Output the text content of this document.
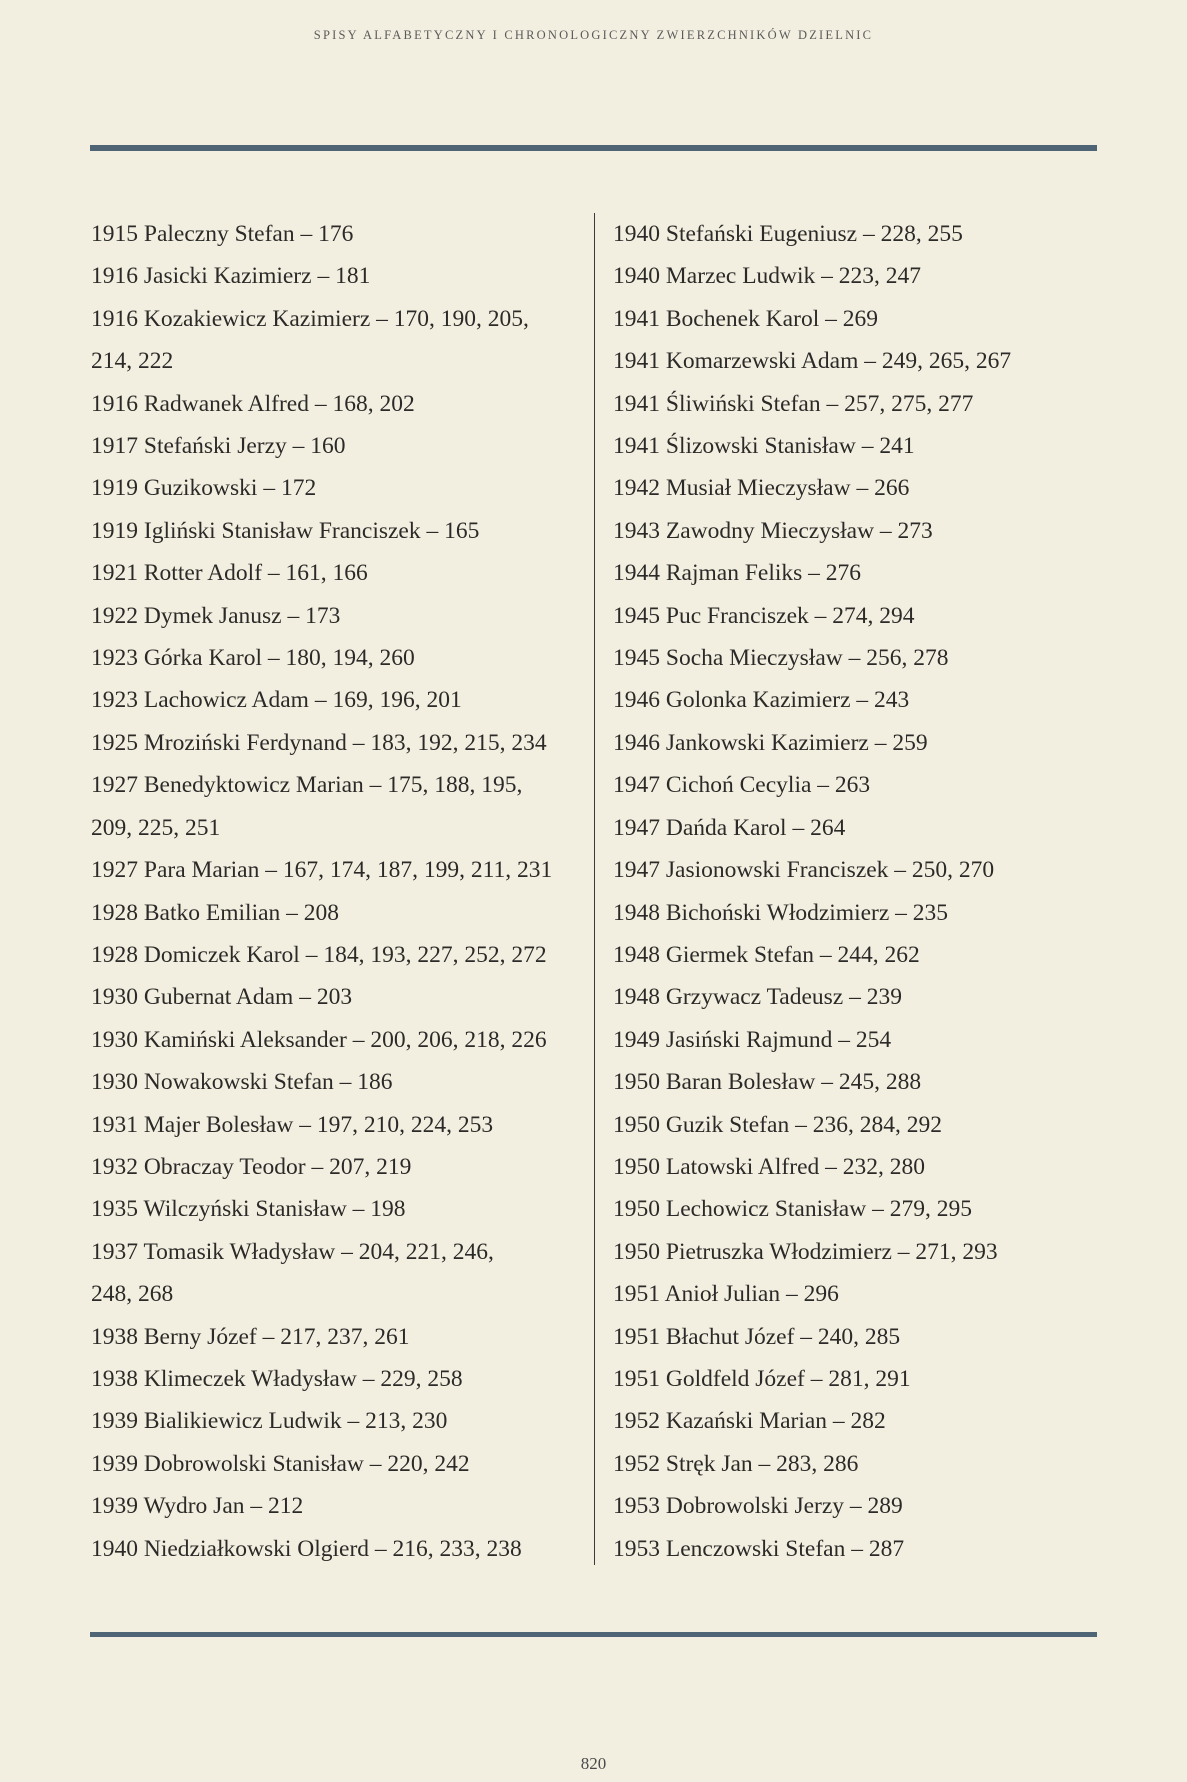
SPISY ALFABETYCZNY I CHRONOLOGICZNY ZWIERZCHNIKÓW DZIELNIC
1915 Paleczny Stefan – 176
1916 Jasicki Kazimierz – 181
1916 Kozakiewicz Kazimierz – 170, 190, 205,
214, 222
1916 Radwanek Alfred – 168, 202
1917 Stefański Jerzy – 160
1919 Guzikowski – 172
1919 Igliński Stanisław Franciszek – 165
1921 Rotter Adolf – 161, 166
1922 Dymek Janusz – 173
1923 Górka Karol – 180, 194, 260
1923 Lachowicz Adam – 169, 196, 201
1925 Mroziński Ferdynand – 183, 192, 215, 234
1927 Benedyktowicz Marian – 175, 188, 195,
209, 225, 251
1927 Para Marian – 167, 174, 187, 199, 211, 231
1928 Batko Emilian – 208
1928 Domiczek Karol – 184, 193, 227, 252, 272
1930 Gubernat Adam – 203
1930 Kamiński Aleksander – 200, 206, 218, 226
1930 Nowakowski Stefan – 186
1931 Majer Bolesław – 197, 210, 224, 253
1932 Obraczay Teodor – 207, 219
1935 Wilczyński Stanisław – 198
1937 Tomasik Władysław – 204, 221, 246,
248, 268
1938 Berny Józef – 217, 237, 261
1938 Klimeczek Władysław – 229, 258
1939 Bialikiewicz Ludwik – 213, 230
1939 Dobrowolski Stanisław – 220, 242
1939 Wydro Jan – 212
1940 Niedziałkowski Olgierd – 216, 233, 238
1940 Stefański Eugeniusz – 228, 255
1940 Marzec Ludwik – 223, 247
1941 Bochenek Karol – 269
1941 Komarzewski Adam – 249, 265, 267
1941 Śliwiński Stefan – 257, 275, 277
1941 Ślizowski Stanisław – 241
1942 Musiał Mieczysław – 266
1943 Zawodny Mieczysław – 273
1944 Rajman Feliks – 276
1945 Puc Franciszek – 274, 294
1945 Socha Mieczysław – 256, 278
1946 Golonka Kazimierz – 243
1946 Jankowski Kazimierz – 259
1947 Cichoń Cecylia – 263
1947 Dańda Karol – 264
1947 Jasionowski Franciszek – 250, 270
1948 Bichoński Włodzimierz – 235
1948 Giermek Stefan – 244, 262
1948 Grzywacz Tadeusz – 239
1949 Jasiński Rajmund – 254
1950 Baran Bolesław – 245, 288
1950 Guzik Stefan – 236, 284, 292
1950 Latowski Alfred – 232, 280
1950 Lechowicz Stanisław – 279, 295
1950 Pietruszka Włodzimierz – 271, 293
1951 Anioł Julian – 296
1951 Błachut Józef – 240, 285
1951 Goldfeld Józef – 281, 291
1952 Kazański Marian – 282
1952 Stręk Jan – 283, 286
1953 Dobrowolski Jerzy – 289
1953 Lenczowski Stefan – 287
820
